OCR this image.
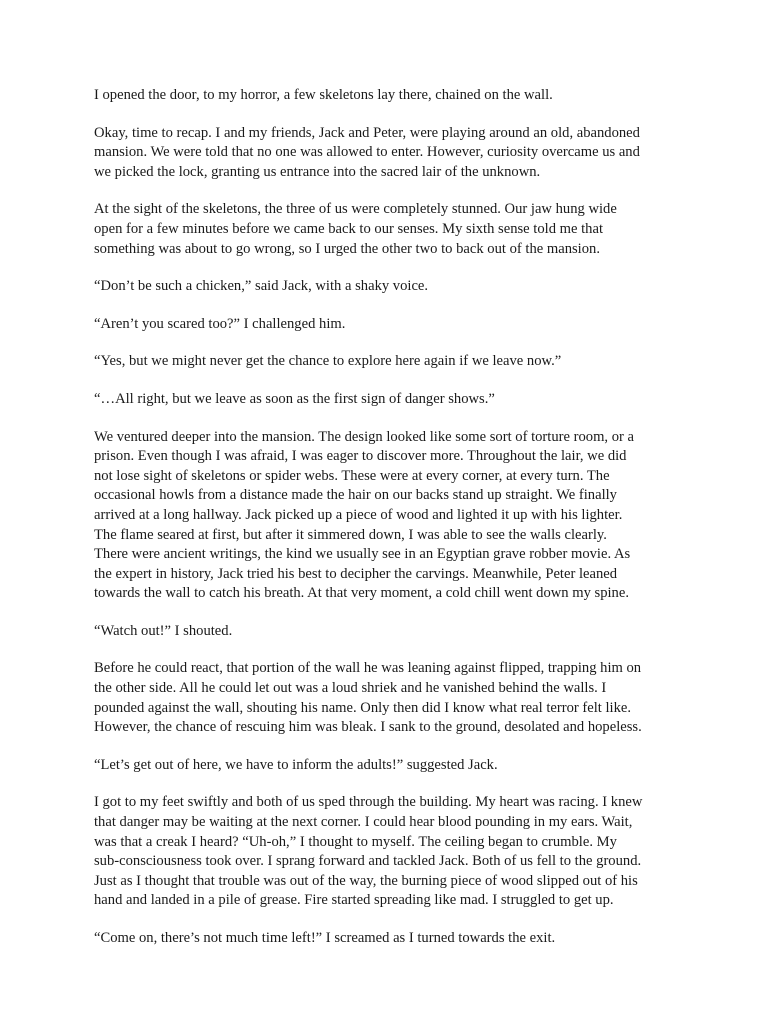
I opened the door, to my horror, a few skeletons lay there, chained on the wall.

Okay, time to recap. I and my friends, Jack and Peter, were playing around an old, abandoned
mansion. We were told that no one was allowed to enter. However, curiosity overcame us and
we picked the lock, granting us entrance into the sacred lair of the unknown.

At the sight of the skeletons, the three of us were completely stunned. Our jaw hung wide
open for a few minutes before we came back to our senses. My sixth sense told me that
something was about to go wrong, so I urged the other two to back out of the mansion.

“Don’t be such a chicken,” said Jack, with a shaky voice.

“Aren’t you scared too?” I challenged him.

“Yes, but we might never get the chance to explore here again if we leave now.”

“…All right, but we leave as soon as the first sign of danger shows.”

We ventured deeper into the mansion. The design looked like some sort of torture room, or a
prison. Even though I was afraid, I was eager to discover more. Throughout the lair, we did
not lose sight of skeletons or spider webs. These were at every corner, at every turn. The
occasional howls from a distance made the hair on our backs stand up straight. We finally
arrived at a long hallway. Jack picked up a piece of wood and lighted it up with his lighter.
The flame seared at first, but after it simmered down, I was able to see the walls clearly.
There were ancient writings, the kind we usually see in an Egyptian grave robber movie. As
the expert in history, Jack tried his best to decipher the carvings. Meanwhile, Peter leaned
towards the wall to catch his breath. At that very moment, a cold chill went down my spine.

“Watch out!” I shouted.

Before he could react, that portion of the wall he was leaning against flipped, trapping him on
the other side. All he could let out was a loud shriek and he vanished behind the walls. I
pounded against the wall, shouting his name. Only then did I know what real terror felt like.
However, the chance of rescuing him was bleak. I sank to the ground, desolated and hopeless.

“Let’s get out of here, we have to inform the adults!” suggested Jack.

I got to my feet swiftly and both of us sped through the building. My heart was racing. I knew
that danger may be waiting at the next corner. I could hear blood pounding in my ears. Wait,
was that a creak I heard? “Uh-oh,” I thought to myself. The ceiling began to crumble. My
sub-consciousness took over. I sprang forward and tackled Jack. Both of us fell to the ground.
Just as I thought that trouble was out of the way, the burning piece of wood slipped out of his
hand and landed in a pile of grease. Fire started spreading like mad. I struggled to get up.

“Come on, there’s not much time left!” I screamed as I turned towards the exit.
